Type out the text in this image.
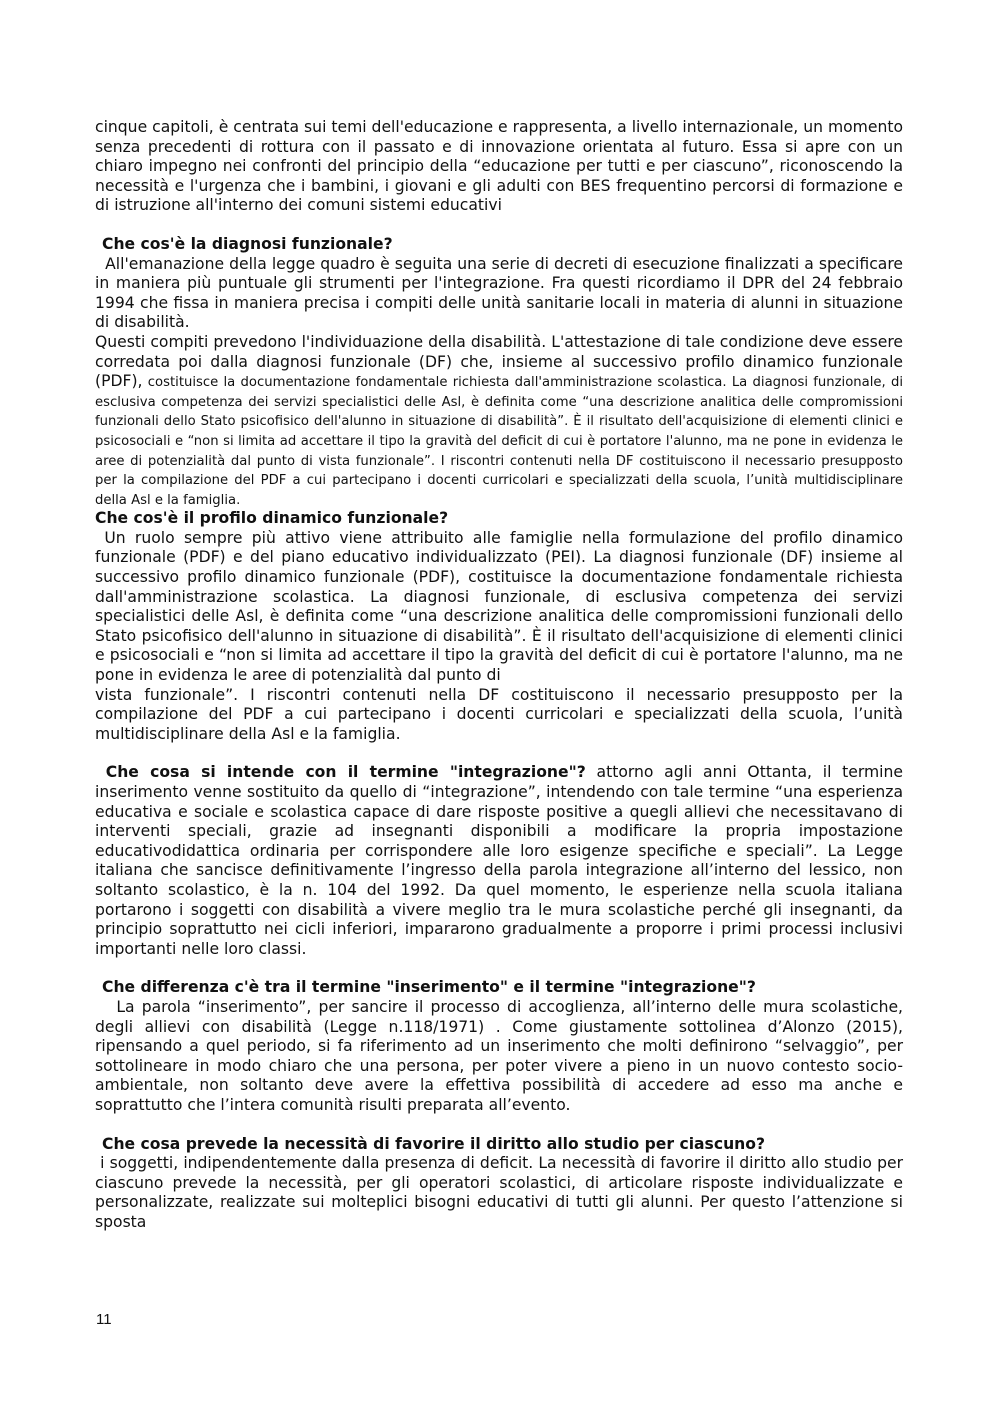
cinque capitoli, è centrata sui temi dell'educazione e rappresenta, a livello internazionale, un momento senza precedenti di rottura con il passato e di innovazione orientata al futuro. Essa si apre con un chiaro impegno nei confronti del principio della “educazione per tutti e per ciascuno”, riconoscendo la necessità e l'urgenza che i bambini, i giovani e gli adulti con BES frequentino percorsi di formazione e di istruzione all'interno dei comuni sistemi educativi

Che cos'è la diagnosi funzionale?

All'emanazione della legge quadro è seguita una serie di decreti di esecuzione finalizzati a specificare in maniera più puntuale gli strumenti per l'integrazione. Fra questi ricordiamo il DPR del 24 febbraio 1994 che fissa in maniera precisa i compiti delle unità sanitarie locali in materia di alunni in situazione di disabilità.

Questi compiti prevedono l'individuazione della disabilità. L'attestazione di tale condizione deve essere corredata poi dalla diagnosi funzionale (DF) che, insieme al successivo profilo dinamico funzionale (PDF), costituisce la documentazione fondamentale richiesta dall'amministrazione scolastica. La diagnosi funzionale, di esclusiva competenza dei servizi specialistici delle Asl, è definita come “una descrizione analitica delle compromissioni funzionali dello Stato psicofisico dell'alunno in situazione di disabilità”. È il risultato dell'acquisizione di elementi clinici e psicosociali e “non si limita ad accettare il tipo la gravità del deficit di cui è portatore l'alunno, ma ne pone in evidenza le aree di potenzialità dal punto di vista funzionale”. I riscontri contenuti nella DF costituiscono il necessario presupposto per la compilazione del PDF a cui partecipano i docenti curricolari e specializzati della scuola, l’unità multidisciplinare della Asl e la famiglia.

Che cos'è il profilo dinamico funzionale?

Un ruolo sempre più attivo viene attribuito alle famiglie nella formulazione del profilo dinamico funzionale (PDF) e del piano educativo individualizzato (PEI). La diagnosi funzionale (DF) insieme al successivo profilo dinamico funzionale (PDF), costituisce la documentazione fondamentale richiesta dall'amministrazione scolastica. La diagnosi funzionale, di esclusiva competenza dei servizi specialistici delle Asl, è definita come “una descrizione analitica delle compromissioni funzionali dello Stato psicofisico dell'alunno in situazione di disabilità”. È il risultato dell'acquisizione di elementi clinici e psicosociali e “non si limita ad accettare il tipo la gravità del deficit di cui è portatore l'alunno, ma ne pone in evidenza le aree di potenzialità dal punto di

vista funzionale”. I riscontri contenuti nella DF costituiscono il necessario presupposto per la compilazione del PDF a cui partecipano i docenti curricolari e specializzati della scuola, l’unità multidisciplinare della Asl e la famiglia.

Che cosa si intende con il termine "integrazione"? attorno agli anni Ottanta, il termine inserimento venne sostituito da quello di “integrazione”, intendendo con tale termine “una esperienza educativa e sociale e scolastica capace di dare risposte positive a quegli allievi che necessitavano di interventi speciali, grazie ad insegnanti disponibili a modificare la propria impostazione educativodidattica ordinaria per corrispondere alle loro esigenze specifiche e speciali”. La Legge italiana che sancisce definitivamente l’ingresso della parola integrazione all’interno del lessico, non soltanto scolastico, è la n. 104 del 1992. Da quel momento, le esperienze nella scuola italiana portarono i soggetti con disabilità a vivere meglio tra le mura scolastiche perché gli insegnanti, da principio soprattutto nei cicli inferiori, impararono gradualmente a proporre i primi processi inclusivi importanti nelle loro classi.

Che differenza c'è tra il termine "inserimento" e il termine "integrazione"?

La parola “inserimento”, per sancire il processo di accoglienza, all’interno delle mura scolastiche, degli allievi con disabilità (Legge n.118/1971) . Come giustamente sottolinea d’Alonzo (2015), ripensando a quel periodo, si fa riferimento ad un inserimento che molti definirono “selvaggio”, per sottolineare in modo chiaro che una persona, per poter vivere a pieno in un nuovo contesto socio-ambientale, non soltanto deve avere la effettiva possibilità di accedere ad esso ma anche e soprattutto che l’intera comunità risulti preparata all’evento.

Che cosa prevede la necessità di favorire il diritto allo studio per ciascuno?

i soggetti, indipendentemente dalla presenza di deficit. La necessità di favorire il diritto allo studio per ciascuno prevede la necessità, per gli operatori scolastici, di articolare risposte individualizzate e personalizzate, realizzate sui molteplici bisogni educativi di tutti gli alunni. Per questo l’attenzione si sposta

11
